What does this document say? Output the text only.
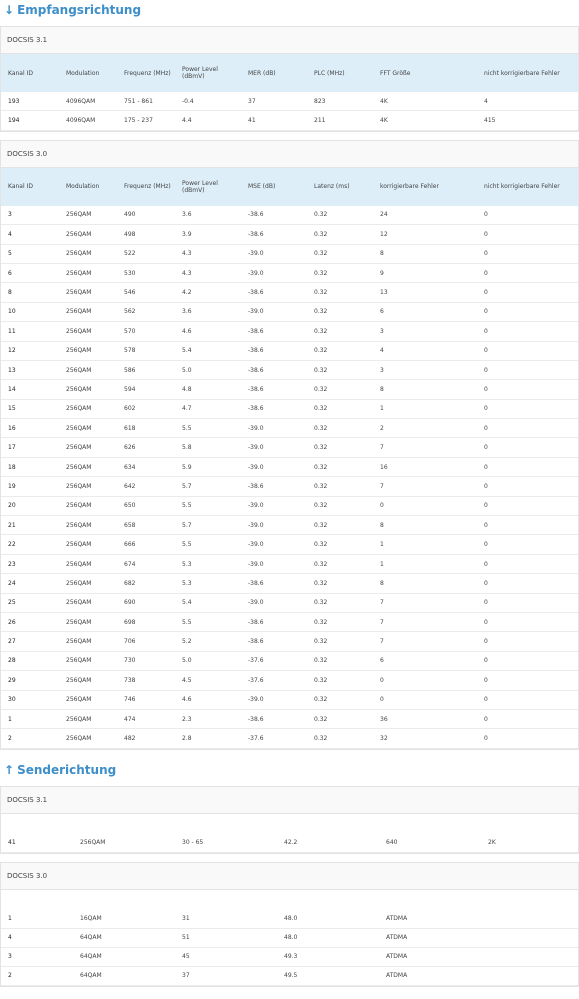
↓ Empfangsrichtung
DOCSIS 3.1
Kanal ID	Modulation	Frequenz (MHz)	Power Level (dBmV)	MER (dB)	PLC (MHz)	FFT Größe	nicht korrigierbare Fehler
193	4096QAM	751 - 861	-0.4	37	823	4K	4
194	4096QAM	175 - 237	4.4	41	211	4K	415
DOCSIS 3.0
Kanal ID	Modulation	Frequenz (MHz)	Power Level (dBmV)	MSE (dB)	Latenz (ms)	korrigierbare Fehler	nicht korrigierbare Fehler
3	256QAM	490	3.6	-38.6	0.32	24	0
4	256QAM	498	3.9	-38.6	0.32	12	0
5	256QAM	522	4.3	-39.0	0.32	8	0
6	256QAM	530	4.3	-39.0	0.32	9	0
8	256QAM	546	4.2	-38.6	0.32	13	0
10	256QAM	562	3.6	-39.0	0.32	6	0
11	256QAM	570	4.6	-38.6	0.32	3	0
12	256QAM	578	5.4	-38.6	0.32	4	0
13	256QAM	586	5.0	-38.6	0.32	3	0
14	256QAM	594	4.8	-38.6	0.32	8	0
15	256QAM	602	4.7	-38.6	0.32	1	0
16	256QAM	618	5.5	-39.0	0.32	2	0
17	256QAM	626	5.8	-39.0	0.32	7	0
18	256QAM	634	5.9	-39.0	0.32	16	0
19	256QAM	642	5.7	-38.6	0.32	7	0
20	256QAM	650	5.5	-39.0	0.32	0	0
21	256QAM	658	5.7	-39.0	0.32	8	0
22	256QAM	666	5.5	-39.0	0.32	1	0
23	256QAM	674	5.3	-39.0	0.32	1	0
24	256QAM	682	5.3	-38.6	0.32	8	0
25	256QAM	690	5.4	-39.0	0.32	7	0
26	256QAM	698	5.5	-38.6	0.32	7	0
27	256QAM	706	5.2	-38.6	0.32	7	0
28	256QAM	730	5.0	-37.6	0.32	6	0
29	256QAM	738	4.5	-37.6	0.32	0	0
30	256QAM	746	4.6	-39.0	0.32	0	0
1	256QAM	474	2.3	-38.6	0.32	36	0
2	256QAM	482	2.8	-37.6	0.32	32	0
↑ Senderichtung
DOCSIS 3.1

41	256QAM	30 - 65	42.2	640	2K
DOCSIS 3.0

1	16QAM	31	48.0	ATDMA	
4	64QAM	51	48.0	ATDMA	
3	64QAM	45	49.3	ATDMA	
2	64QAM	37	49.5	ATDMA	
